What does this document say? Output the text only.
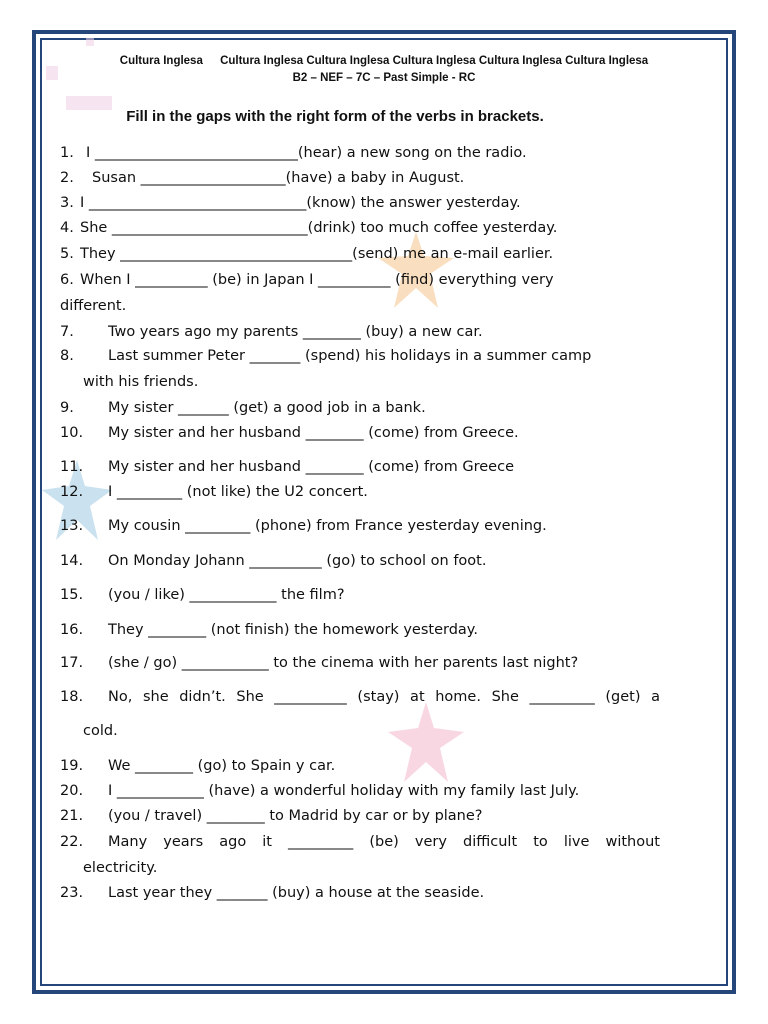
Cultura Inglesa Cultura Inglesa Cultura Inglesa Cultura Inglesa Cultura Inglesa Cultura Inglesa
B2 – NEF – 7C – Past Simple - RC
Fill in the gaps with the right form of the verbs in brackets.
1. I ____________________________(hear) a new song on the radio.
2. Susan ____________________(have) a baby in August.
3. I ______________________________(know) the answer yesterday.
4. She ___________________________(drink) too much coffee yesterday.
5. They ________________________________(send) me an e-mail earlier.
6. When I __________ (be) in Japan I __________ (find) everything very
different.
7. Two years ago my parents ________ (buy) a new car.
8. Last summer Peter _______ (spend) his holidays in a summer camp
with his friends.
9. My sister _______ (get) a good job in a bank.
10. My sister and her husband ________ (come) from Greece.
11. My sister and her husband ________ (come) from Greece
12. I _________ (not like) the U2 concert.
13. My cousin _________ (phone) from France yesterday evening.
14. On Monday Johann __________ (go) to school on foot.
15. (you / like) ____________ the film?
16. They ________ (not finish) the homework yesterday.
17. (she / go) ____________ to the cinema with her parents last night?
18. No, she didn’t. She __________ (stay) at home. She _________ (get) a
cold.
19. We ________ (go) to Spain y car.
20. I ____________ (have) a wonderful holiday with my family last July.
21. (you / travel) ________ to Madrid by car or by plane?
22. Many years ago it _________ (be) very difficult to live without
electricity.
23. Last year they _______ (buy) a house at the seaside.
